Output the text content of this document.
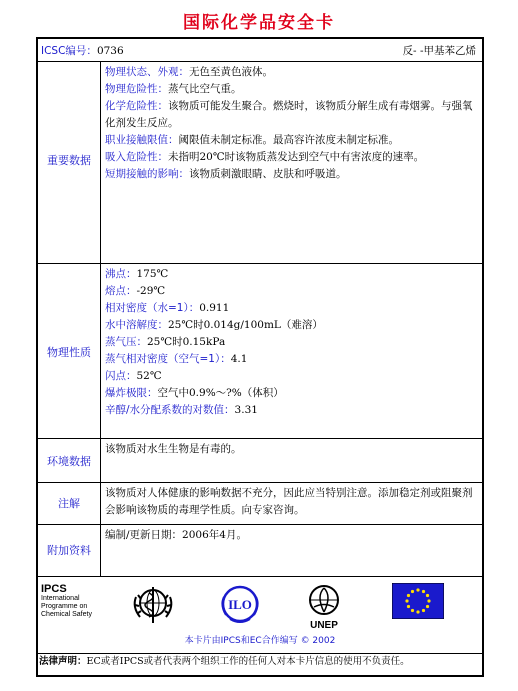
国际化学品安全卡
ICSC编号：0736	反- -甲基苯乙烯
重要数据
物理状态、外观：无色至黄色液体。
物理危险性：蒸气比空气重。
化学危险性：该物质可能发生聚合。燃烧时，该物质分解生成有毒烟雾。与强氧化剂发生反应。
职业接触限值：阈限值未制定标准。最高容许浓度未制定标准。
吸入危险性：未指明20℃时该物质蒸发达到空气中有害浓度的速率。
短期接触的影响：该物质刺激眼睛、皮肤和呼吸道。
物理性质
沸点：175℃
熔点：-29℃
相对密度（水=1）：0.911
水中溶解度：25℃时0.014g/100mL（难溶）
蒸气压：25℃时0.15kPa
蒸气相对密度（空气=1）：4.1
闪点：52℃
爆炸极限：空气中0.9%～?%（体积）
辛醇/水分配系数的对数值：3.31
环境数据
该物质对水生生物是有毒的。
注解
该物质对人体健康的影响数据不充分，因此应当特别注意。添加稳定剂或阻聚剂会影响该物质的毒理学性质。向专家咨询。
附加资料
编制/更新日期：2006年4月。
IPCS
International
Programme on
Chemical Safety
ILO
UNEP
本卡片由IPCS和EC合作编写 © 2002
法律声明：EC或者IPCS或者代表两个组织工作的任何人对本卡片信息的使用不负责任。
